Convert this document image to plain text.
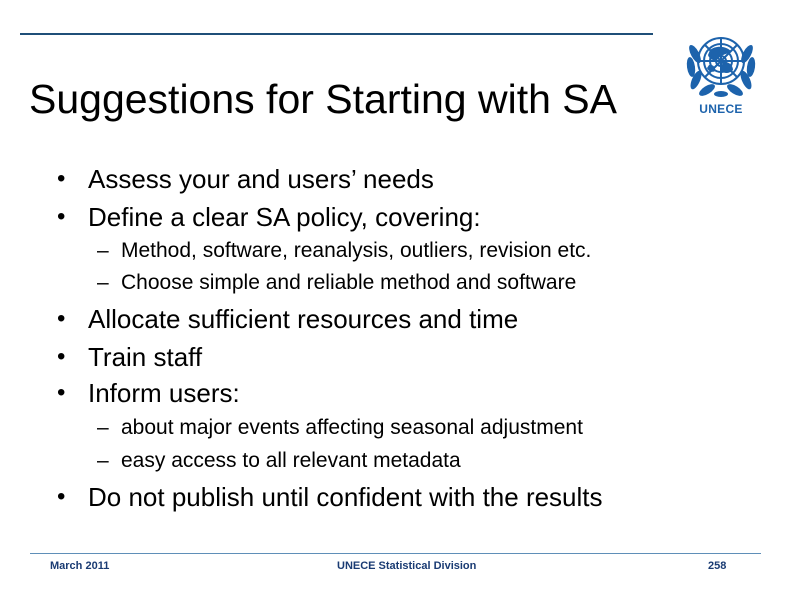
Suggestions for Starting with SA	UNECE
• Assess your and users’ needs
• Define a clear SA policy, covering:
– Method, software, reanalysis, outliers, revision etc.
– Choose simple and reliable method and software
• Allocate sufficient resources and time
• Train staff
• Inform users:
– about major events affecting seasonal adjustment
– easy access to all relevant metadata
• Do not publish until confident with the results
March 2011	UNECE Statistical Division	258
